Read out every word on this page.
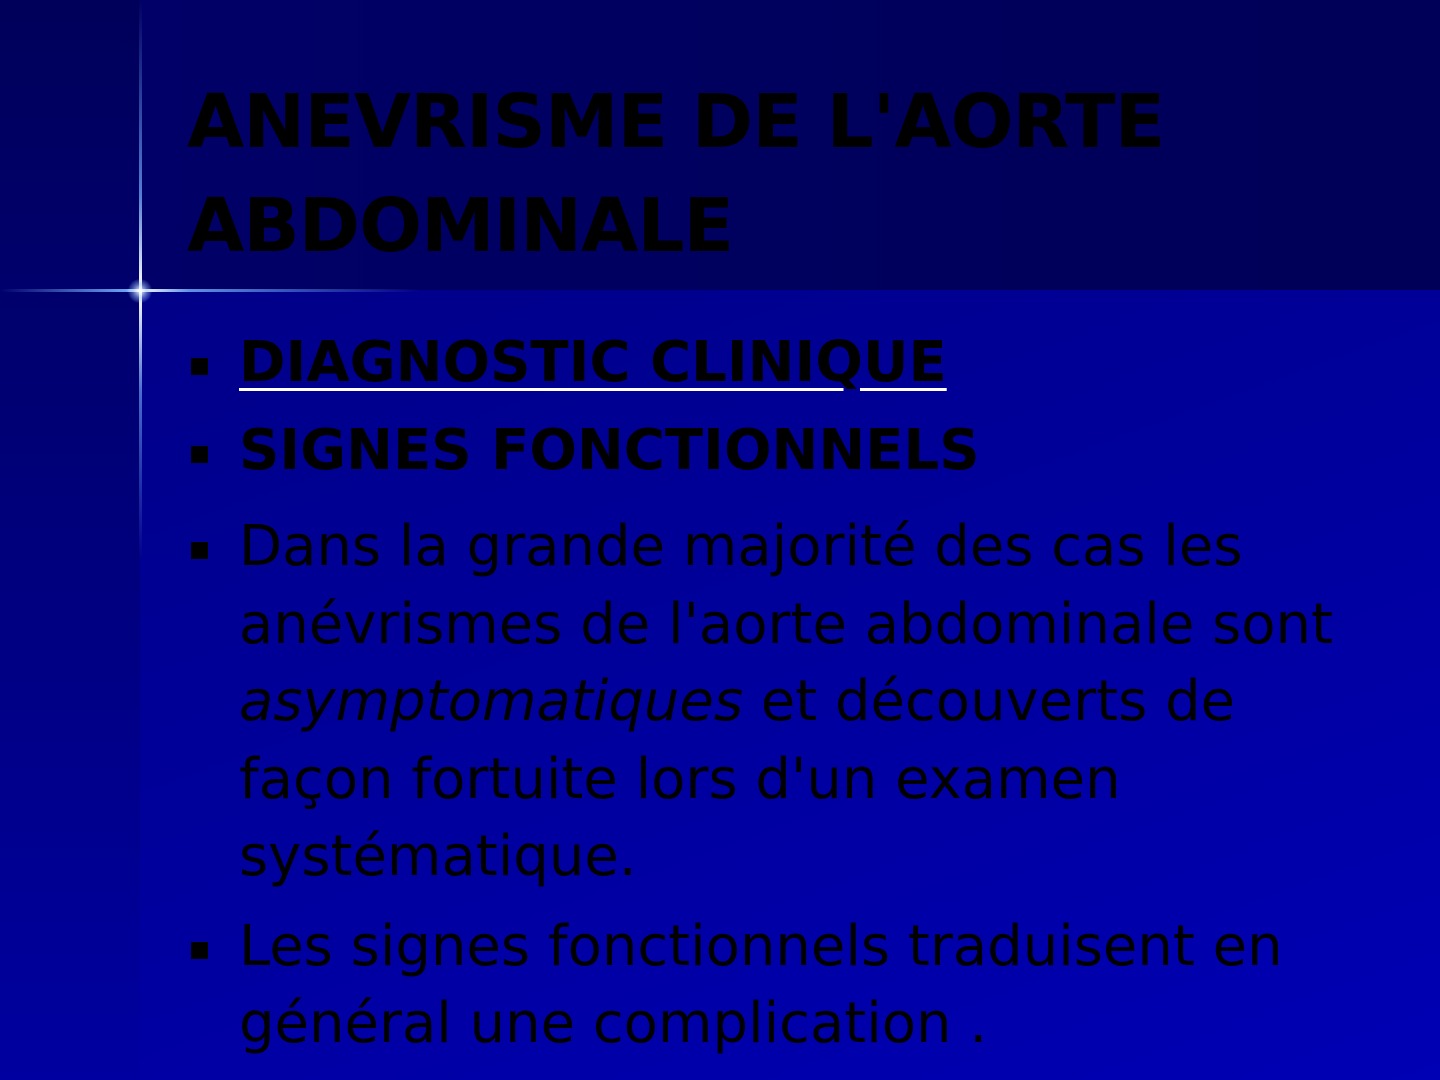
ANEVRISME DE L'AORTE ABDOMINALE
DIAGNOSTIC CLINIQUE
SIGNES FONCTIONNELS
Dans la grande majorité des cas les anévrismes de l'aorte abdominale sont asymptomatiques et découverts de façon fortuite lors d'un examen systématique.
Les signes fonctionnels traduisent en général une complication .
